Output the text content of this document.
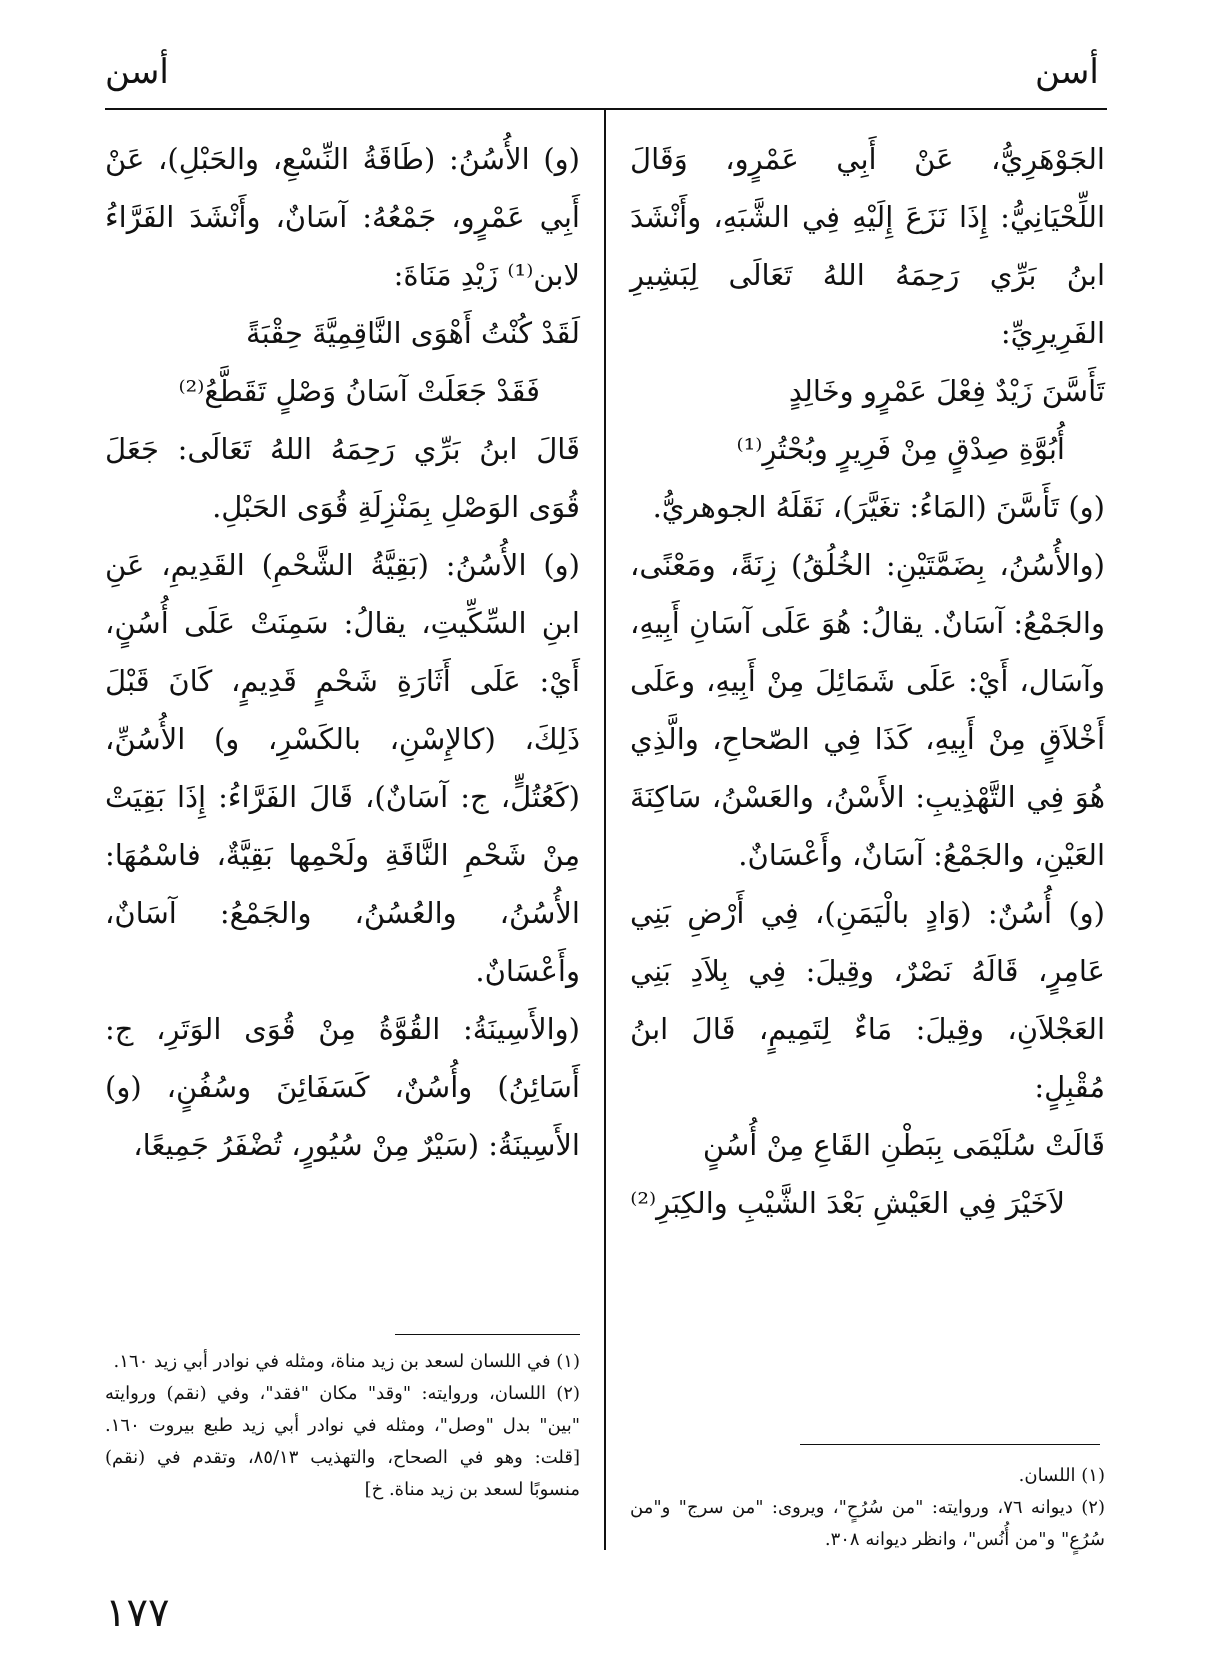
أسن	أسن

الجَوْهَرِيُّ، عَنْ أَبِي عَمْرٍو، وَقَالَ اللِّحْيَانِيُّ: إِذَا نَزَعَ إِلَيْهِ فِي الشَّبَهِ، وأَنْشَدَ ابنُ بَرِّي رَحِمَهُ اللهُ تَعَالَى لِبَشِيرِ الفَرِيرِيِّ:

تَأَسَّنَ زَيْدٌ فِعْلَ عَمْرٍو وخَالِدٍ

أُبُوَّةِ صِدْقٍ مِنْ فَرِيرٍ وبُحْتُرِ⁽¹⁾

(و) تَأَسَّنَ (المَاءُ: تغَيَّرَ)، نَقَلَهُ الجوهريُّ.

(والأُسُنُ، بِضَمَّتَيْنِ: الخُلُقُ) زِنَةً، ومَعْنًى، والجَمْعُ: آسَانٌ. يقالُ: هُوَ عَلَى آسَانِ أَبِيهِ، وآسَال، أَيْ: عَلَى شَمَائِلَ مِنْ أَبِيهِ، وعَلَى أَخْلاَقٍ مِنْ أَبِيهِ، كَذَا فِي الصّحاحِ، والَّذِي هُوَ فِي التَّهْذِيبِ: الأَسْنُ، والعَسْنُ، سَاكِنَةَ العَيْنِ، والجَمْعُ: آسَانٌ، وأَعْسَانٌ.

(و) أُسُنٌ: (وَادٍ بالْيَمَنِ)، فِي أَرْضِ بَنِي عَامِرٍ، قَالَهُ نَصْرٌ، وقِيلَ: فِي بِلاَدِ بَنِي العَجْلاَنِ، وقِيلَ: مَاءٌ لِتَمِيمٍ، قَالَ ابنُ مُقْبِلٍ:

قَالَتْ سُلَيْمَى بِبَطْنِ القَاعِ مِنْ أُسُنٍ

لاَخَيْرَ فِي العَيْشِ بَعْدَ الشَّيْبِ والكِبَرِ⁽²⁾

(و) الأُسُنُ: (طَاقَةُ النِّسْعِ، والحَبْلِ)، عَنْ أَبِي عَمْرٍو، جَمْعُهُ: آسَانٌ، وأَنْشَدَ الفَرَّاءُ لابن⁽¹⁾ زَيْدِ مَنَاةَ:

لَقَدْ كُنْتُ أَهْوَى النَّاقِمِيَّةَ حِقْبَةً

فَقَدْ جَعَلَتْ آسَانُ وَصْلٍ تَقَطَّعُ⁽²⁾

قَالَ ابنُ بَرِّي رَحِمَهُ اللهُ تَعَالَى: جَعَلَ قُوَى الوَصْلِ بِمَنْزِلَةِ قُوَى الحَبْلِ.

(و) الأُسُنُ: (بَقِيَّةُ الشَّحْمِ) القَدِيمِ، عَنِ ابنِ السِّكِّيتِ، يقالُ: سَمِنَتْ عَلَى أُسُنٍ، أَيْ: عَلَى أَثَارَةِ شَحْمٍ قَدِيمٍ، كَانَ قَبْلَ ذَلِكَ، (كالإِسْنِ، بالكَسْرِ، و) الأُسُنِّ، (كَعُتُلٍّ، ج: آسَانٌ)، قَالَ الفَرَّاءُ: إِذَا بَقِيَتْ مِنْ شَحْمِ النَّاقَةِ ولَحْمِها بَقِيَّةٌ، فاسْمُهَا: الأُسُنُ، والعُسُنُ، والجَمْعُ: آسَانٌ، وأَعْسَانٌ.

(والأَسِينَةُ: القُوَّةُ مِنْ قُوَى الوَتَرِ، ج: أَسَائِنُ) وأُسُنٌ، كَسَفَائِنَ وسُفُنٍ، (و) الأَسِينَةُ: (سَيْرٌ مِنْ سُيُورٍ، تُضْفَرُ جَمِيعًا،

(١) اللسان.

(٢) ديوانه ٧٦، وروايته: "من سُرُحٍ"، ويروى: "من سرج" و"من سُرُعٍ" و"من أُنُس"، وانظر ديوانه ٣٠٨.

(١) في اللسان لسعد بن زيد مناة، ومثله في نوادر أبي زيد ١٦٠.

(٢) اللسان، وروايته: "وقد" مكان "فقد"، وفي (نقم) وروايته "بين" بدل "وصل"، ومثله في نوادر أبي زيد طبع بيروت ١٦٠. [قلت: وهو في الصحاح، والتهذيب ٨٥/١٣، وتقدم في (نقم) منسوبًا لسعد بن زيد مناة. خ]

١٧٧
